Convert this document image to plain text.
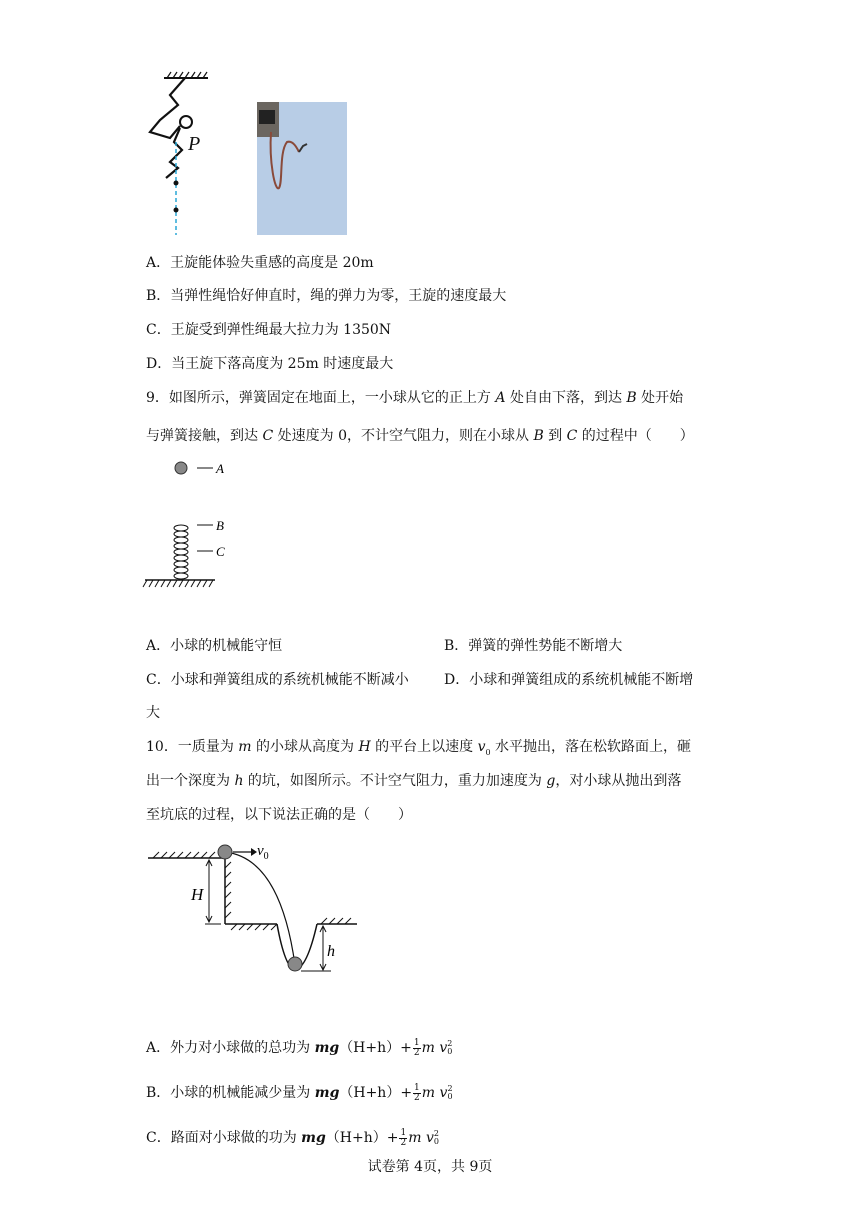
P
A．王旋能体验失重感的高度是 20m
B．当弹性绳恰好伸直时，绳的弹力为零，王旋的速度最大
C．王旋受到弹性绳最大拉力为 1350N
D．当王旋下落高度为 25m 时速度最大
9．如图所示，弹簧固定在地面上，一小球从它的正上方 A 处自由下落，到达 B 处开始
与弹簧接触，到达 C 处速度为 0，不计空气阻力，则在小球从 B 到 C 的过程中（　　）
A
B
C
A．小球的机械能守恒	B．弹簧的弹性势能不断增大
C．小球和弹簧组成的系统机械能不断减小	D．小球和弹簧组成的系统机械能不断增
大
10．一质量为 m 的小球从高度为 H 的平台上以速度 $v_0$ 水平抛出，落在松软路面上，砸
出一个深度为 h 的坑，如图所示。不计空气阻力，重力加速度为 g，对小球从抛出到落
至坑底的过程，以下说法正确的是（　　）
$v_0$
H
h
A．外力对小球做的总功为 $mg(H+h)+ \frac{1}{2}$ m v 2
0
B．小球的机械能减少量为 $mg(H+h)+ \frac{1}{2}$ m v 2
0
C．路面对小球做的功为 $mg(H+h)+ \frac{1}{2}$ m v 2
0
试卷第 4页，共 9页
